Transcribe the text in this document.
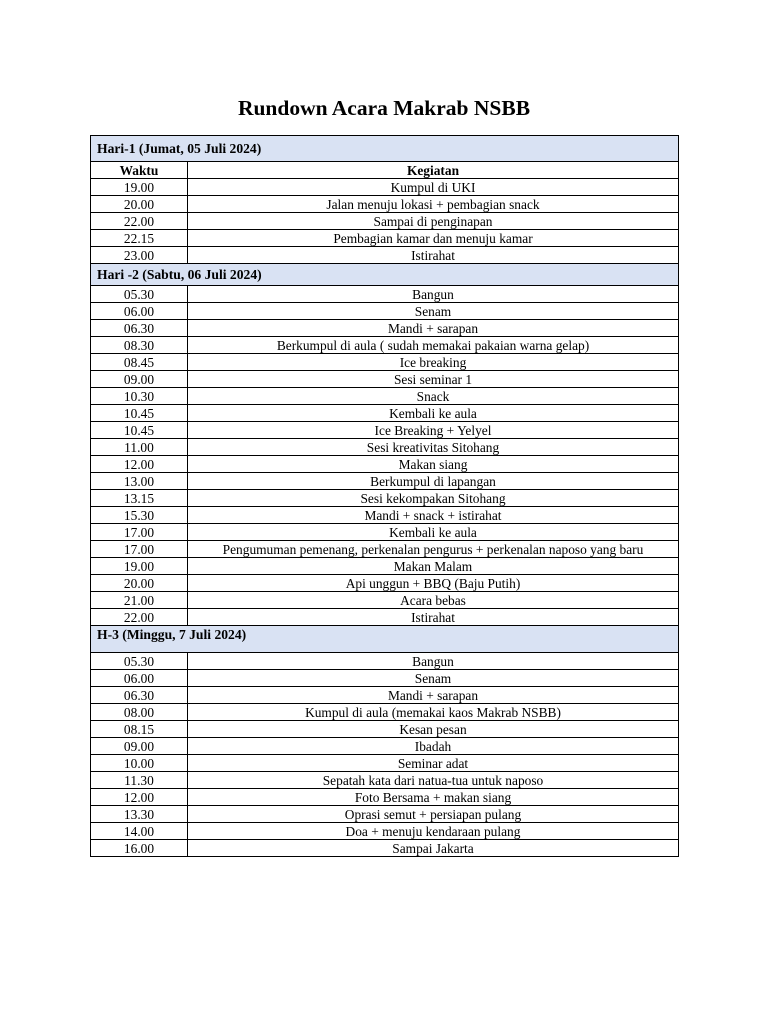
Rundown Acara Makrab NSBB
Hari-1 (Jumat, 05 Juli 2024)	
Waktu	Kegiatan
19.00	Kumpul di UKI
20.00	Jalan menuju lokasi + pembagian snack
22.00	Sampai di penginapan
22.15	Pembagian kamar dan menuju kamar
23.00	Istirahat
Hari -2 (Sabtu, 06 Juli 2024)	
05.30	Bangun
06.00	Senam
06.30	Mandi + sarapan
08.30	Berkumpul di aula ( sudah memakai pakaian warna gelap)
08.45	Ice breaking
09.00	Sesi seminar 1
10.30	Snack
10.45	Kembali ke aula
10.45	Ice Breaking + Yelyel
11.00	Sesi kreativitas Sitohang
12.00	Makan siang
13.00	Berkumpul di lapangan
13.15	Sesi kekompakan Sitohang
15.30	Mandi + snack + istirahat
17.00	Kembali ke aula
17.00	Pengumuman pemenang, perkenalan pengurus + perkenalan naposo yang baru
19.00	Makan Malam
20.00	Api unggun + BBQ (Baju Putih)
21.00	Acara bebas
22.00	Istirahat
H-3 (Minggu, 7 Juli 2024)	
05.30	Bangun
06.00	Senam
06.30	Mandi + sarapan
08.00	Kumpul di aula (memakai kaos Makrab NSBB)
08.15	Kesan pesan
09.00	Ibadah
10.00	Seminar adat
11.30	Sepatah kata dari natua-tua untuk naposo
12.00	Foto Bersama + makan siang
13.30	Oprasi semut + persiapan pulang
14.00	Doa + menuju kendaraan pulang
16.00	Sampai Jakarta
